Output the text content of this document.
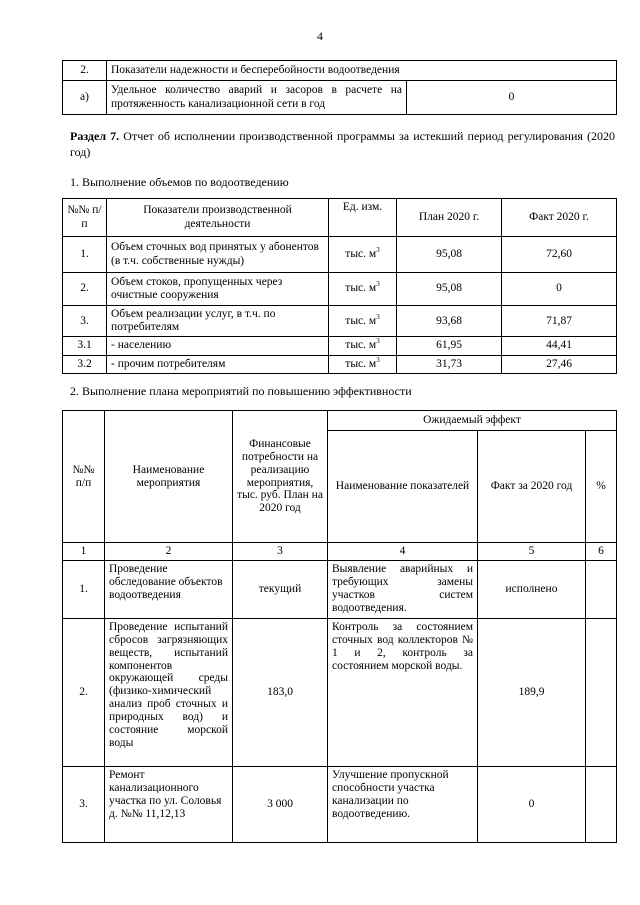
4
2.	Показатели надежности и бесперебойности водоотведения	
а)	Удельное количество аварий и засоров в расчете на протяженность канализационной сети в год	0
Раздел 7. Отчет об исполнении производственной программы за истекший период регулирования (2020 год)
1. Выполнение объемов по водоотведению
№№ п/п	Показатели производственной деятельности	Ед. изм.	План 2020 г.	Факт 2020 г.
1.	Объем сточных вод принятых у абонентов (в т.ч. собственные нужды)	тыс. $м^3$	95,08	72,60
2.	Объем стоков, пропущенных через очистные сооружения	тыс. $м^3$	95,08	0
3.	Объем реализации услуг, в т.ч. по потребителям	тыс. $м^3$	93,68	71,87
3.1	- населению	тыс. $м^3$	61,95	44,41
3.2	- прочим потребителям	тыс. $м^3$	31,73	27,46
2. Выполнение плана мероприятий по повышению эффективности
№№ п/п	Наименование мероприятия	Финансовые потребности на реализацию мероприятия, тыс. руб. План на 2020 год	Ожидаемый эффект		
			Наименование показателей	Факт за 2020 год	%
1	2	3	4	5	6
1.	Проведение обследование объектов водоотведения	текущий	Выявление аварийных и требующих замены участков систем водоотведения.	исполнено	
2.	Проведение испытаний сбросов загрязняющих веществ, испытаний компонентов окружающей среды (физико-химический анализ проб сточных и природных вод) и состояние морской воды	183,0	Контроль за состоянием сточных вод коллекторов № 1 и 2, контроль за состоянием морской воды.	189,9	
3.	Ремонт канализационного участка по ул. Соловья д. №№ 11,12,13	3 000	Улучшение пропускной способности участка канализации по водоотведению.	0	
